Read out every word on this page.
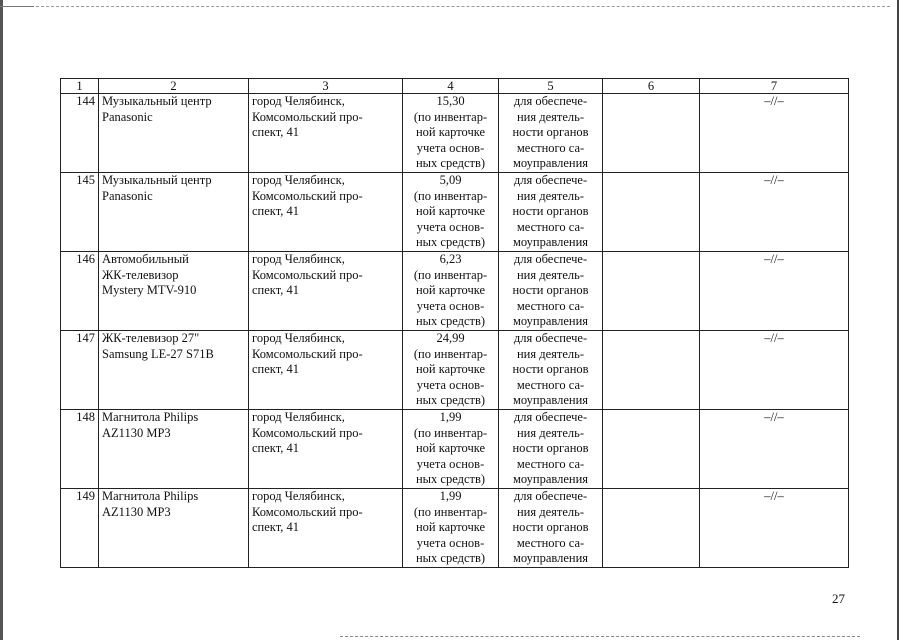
1	2	3	4	5	6	7
144	Музыкальный центр
Panasonic	город Челябинск,
Комсомольский про-
спект, 41	15,30
(по инвентар-
ной карточке
учета основ-
ных средств)	для обеспече-
ния деятель-
ности органов
местного са-
моуправления		–//–
145	Музыкальный центр
Panasonic	город Челябинск,
Комсомольский про-
спект, 41	5,09
(по инвентар-
ной карточке
учета основ-
ных средств)	для обеспече-
ния деятель-
ности органов
местного са-
моуправления		–//–
146	Автомобильный
ЖК-телевизор
Mystery MTV-910	город Челябинск,
Комсомольский про-
спект, 41	6,23
(по инвентар-
ной карточке
учета основ-
ных средств)	для обеспече-
ния деятель-
ности органов
местного са-
моуправления		–//–
147	ЖК-телевизор 27"
Samsung LE-27 S71B	город Челябинск,
Комсомольский про-
спект, 41	24,99
(по инвентар-
ной карточке
учета основ-
ных средств)	для обеспече-
ния деятель-
ности органов
местного са-
моуправления		–//–
148	Магнитола Philips
AZ1130 MP3	город Челябинск,
Комсомольский про-
спект, 41	1,99
(по инвентар-
ной карточке
учета основ-
ных средств)	для обеспече-
ния деятель-
ности органов
местного са-
моуправления		–//–
149	Магнитола Philips
AZ1130 MP3	город Челябинск,
Комсомольский про-
спект, 41	1,99
(по инвентар-
ной карточке
учета основ-
ных средств)	для обеспече-
ния деятель-
ности органов
местного са-
моуправления		–//–
27
